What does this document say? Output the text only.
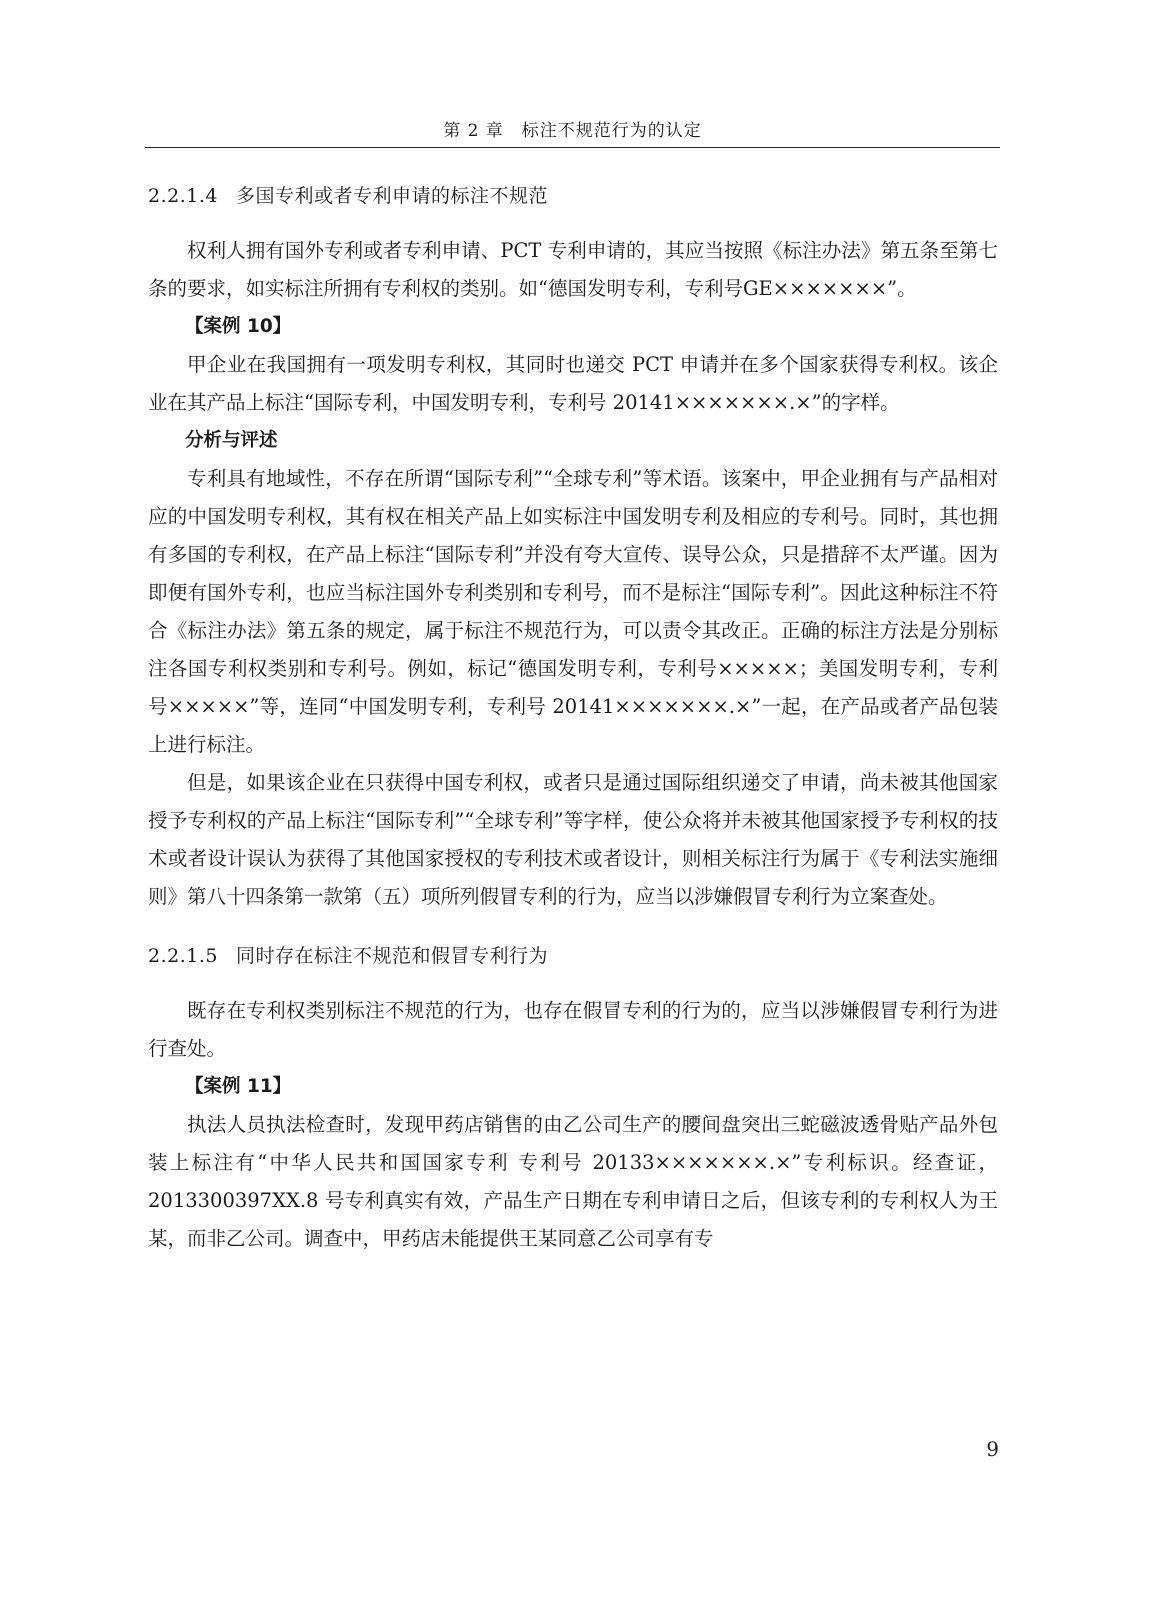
第 2 章　标注不规范行为的认定
2.2.1.4 多国专利或者专利申请的标注不规范

权利人拥有国外专利或者专利申请、PCT 专利申请的，其应当按照《标注办法》第五条至第七条的要求，如实标注所拥有专利权的类别。如“德国发明专利，专利号GE×××××××”。

【案例 10】

甲企业在我国拥有一项发明专利权，其同时也递交 PCT 申请并在多个国家获得专利权。该企业在其产品上标注“国际专利，中国发明专利，专利号 20141×××××××.×”的字样。

分析与评述

专利具有地域性，不存在所谓“国际专利”“全球专利”等术语。该案中，甲企业拥有与产品相对应的中国发明专利权，其有权在相关产品上如实标注中国发明专利及相应的专利号。同时，其也拥有多国的专利权，在产品上标注“国际专利”并没有夸大宣传、误导公众，只是措辞不太严谨。因为即便有国外专利，也应当标注国外专利类别和专利号，而不是标注“国际专利”。因此这种标注不符合《标注办法》第五条的规定，属于标注不规范行为，可以责令其改正。正确的标注方法是分别标注各国专利权类别和专利号。例如，标记“德国发明专利，专利号×××××；美国发明专利，专利号×××××”等，连同“中国发明专利，专利号 20141×××××××.×”一起，在产品或者产品包装上进行标注。

但是，如果该企业在只获得中国专利权，或者只是通过国际组织递交了申请，尚未被其他国家授予专利权的产品上标注“国际专利”“全球专利”等字样，使公众将并未被其他国家授予专利权的技术或者设计误认为获得了其他国家授权的专利技术或者设计，则相关标注行为属于《专利法实施细则》第八十四条第一款第（五）项所列假冒专利的行为，应当以涉嫌假冒专利行为立案查处。

2.2.1.5 同时存在标注不规范和假冒专利行为

既存在专利权类别标注不规范的行为，也存在假冒专利的行为的，应当以涉嫌假冒专利行为进行查处。

【案例 11】

执法人员执法检查时，发现甲药店销售的由乙公司生产的腰间盘突出三蛇磁波透骨贴产品外包装上标注有“中华人民共和国国家专利 专利号 20133×××××××.×”专利标识。经查证，2013300397XX.8 号专利真实有效，产品生产日期在专利申请日之后，但该专利的专利权人为王某，而非乙公司。调查中，甲药店未能提供王某同意乙公司享有专

9
